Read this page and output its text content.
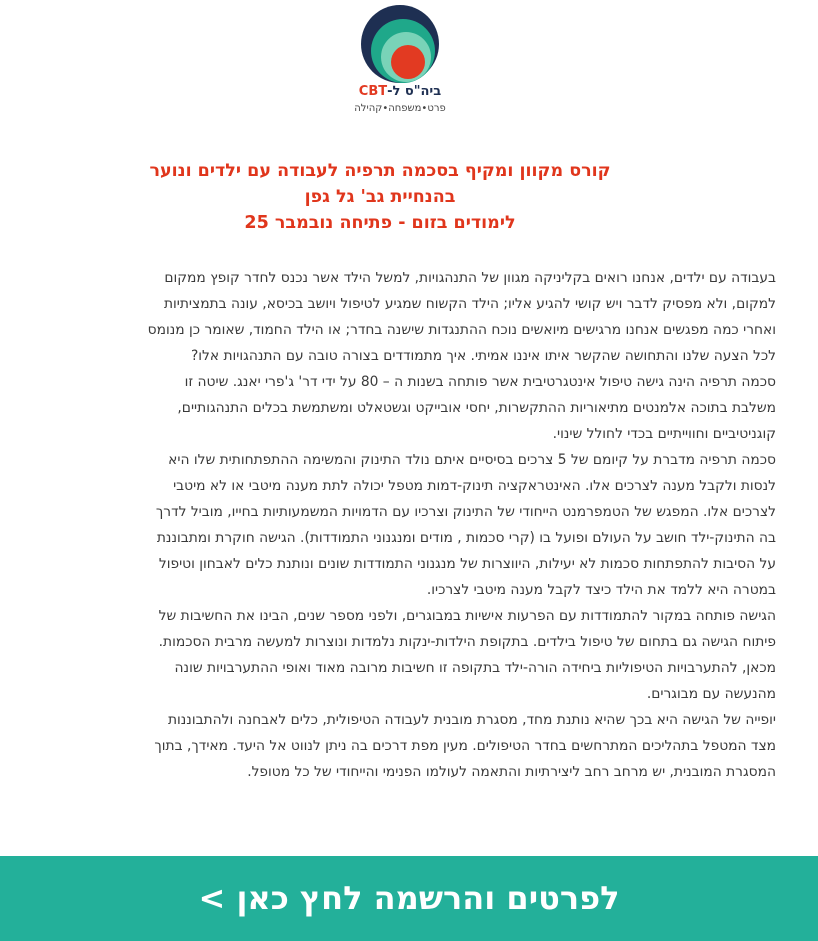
ביה"ס ל-CBT
פרט•משפחה•קהילה
קורס מקוון ומקיף בסכמה תרפיה לעבודה עם ילדים ונוער
בהנחיית גב' גל גפן
לימודים בזום - פתיחה נובמבר 25
בעבודה עם ילדים, אנחנו רואים בקליניקה מגוון של התנהגויות, למשל הילד אשר נכנס לחדר קופץ ממקום
למקום, ולא מפסיק לדבר ויש קושי להגיע אליו; הילד הקשוח שמגיע לטיפול ויושב בכיסא, עונה בתמציתיות
ואחרי כמה מפגשים אנחנו מרגישים מיואשים נוכח ההתנגדות שישנה בחדר; או הילד החמוד, שאומר כן מנומס
לכל הצעה שלנו והתחושה שהקשר איתו איננו אמיתי. איך מתמודדים בצורה טובה עם התנהגויות אלו?
סכמה תרפיה הינה גישה טיפול אינטגרטיבית אשר פותחה בשנות ה – 80 על ידי דר' ג'פרי יאנג. שיטה זו
משלבת בתוכה אלמנטים מתיאוריות ההתקשרות, יחסי אובייקט וגשטאלט ומשתמשת בכלים התנהגותיים,
קוגניטיביים וחווייתיים בכדי לחולל שינוי.
סכמה תרפיה מדברת על קיומם של 5 צרכים בסיסיים איתם נולד התינוק והמשימה ההתפתחותית שלו היא
לנסות ולקבל מענה לצרכים אלו. האינטראקציה תינוק-דמות מטפל יכולה לתת מענה מיטבי או לא מיטבי
לצרכים אלו. המפגש של הטמפרמנט הייחודי של התינוק וצרכיו עם הדמויות המשמעותיות בחייו, מוביל לדרך
בה התינוק-ילד חושב על העולם ופועל בו (קרי סכמות , מודים ומנגנוני התמודדות). הגישה חוקרת ומתבוננת
על הסיבות להתפתחות סכמות לא יעילות, היווצרות של מנגנוני התמודדות שונים ונותנת כלים לאבחון וטיפול
במטרה היא ללמד את הילד כיצד לקבל מענה מיטבי לצרכיו.
הגישה פותחה במקור להתמודדות עם הפרעות אישיות במבוגרים, ולפני מספר שנים, הבינו את החשיבות של
פיתוח הגישה גם בתחום של טיפול בילדים. בתקופת הילדות-ינקות נלמדות ונוצרות למעשה מרבית הסכמות.
מכאן, להתערבויות הטיפוליות ביחידה הורה-ילד בתקופה זו חשיבות מרובה מאוד ואופי ההתערבויות שונה
מהנעשה עם מבוגרים.
יופייה של הגישה היא בכך שהיא נותנת מחד, מסגרת מובנית לעבודה הטיפולית, כלים לאבחנה ולהתבוננות
מצד המטפל בתהליכים המתרחשים בחדר הטיפולים. מעין מפת דרכים בה ניתן לנווט אל היעד. מאידך, בתוך
המסגרת המובנית, יש מרחב רחב ליצירתיות והתאמה לעולמו הפנימי והייחודי של כל מטופל.
לפרטים והרשמה לחץ כאן >
